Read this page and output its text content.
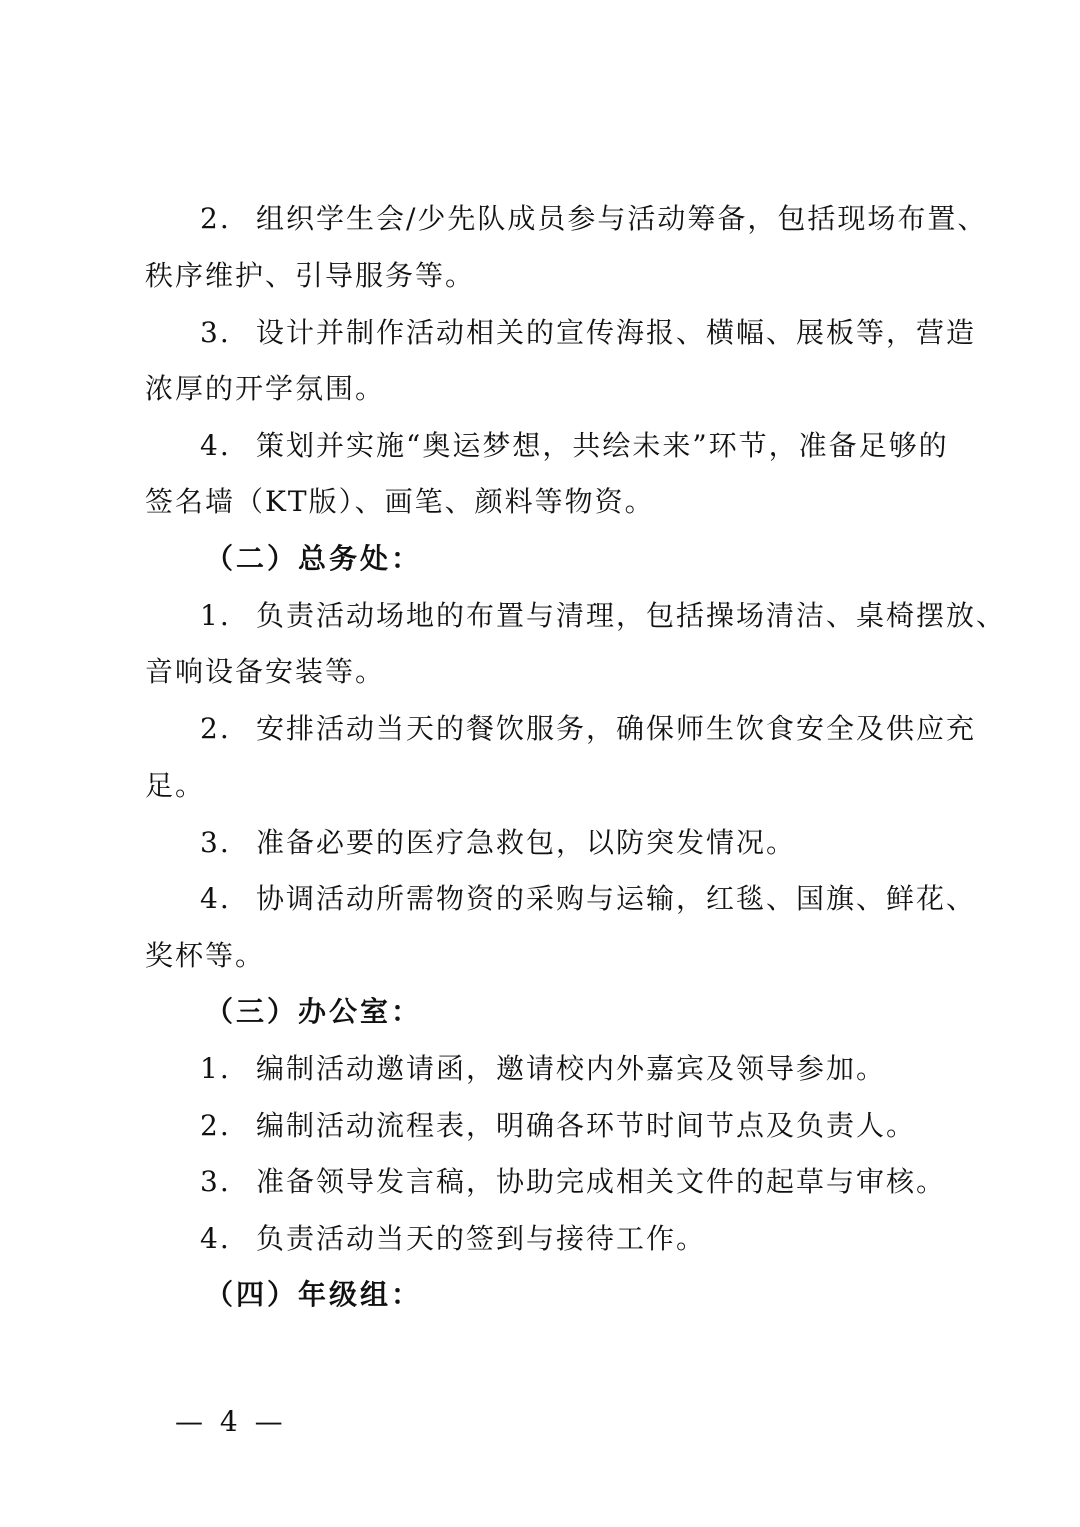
2. 组织学生会/少先队成员参与活动筹备，包括现场布置、
秩序维护、引导服务等。
3. 设计并制作活动相关的宣传海报、横幅、展板等，营造
浓厚的开学氛围。
4. 策划并实施“奥运梦想，共绘未来”环节，准备足够的
签名墙（KT版）、画笔、颜料等物资。
（二）总务处：
1. 负责活动场地的布置与清理，包括操场清洁、桌椅摆放、
音响设备安装等。
2. 安排活动当天的餐饮服务，确保师生饮食安全及供应充
足。
3. 准备必要的医疗急救包，以防突发情况。
4. 协调活动所需物资的采购与运输，红毯、国旗、鲜花、
奖杯等。
（三）办公室：
1. 编制活动邀请函，邀请校内外嘉宾及领导参加。
2. 编制活动流程表，明确各环节时间节点及负责人。
3. 准备领导发言稿，协助完成相关文件的起草与审核。
4. 负责活动当天的签到与接待工作。
（四）年级组：
— 4 —
